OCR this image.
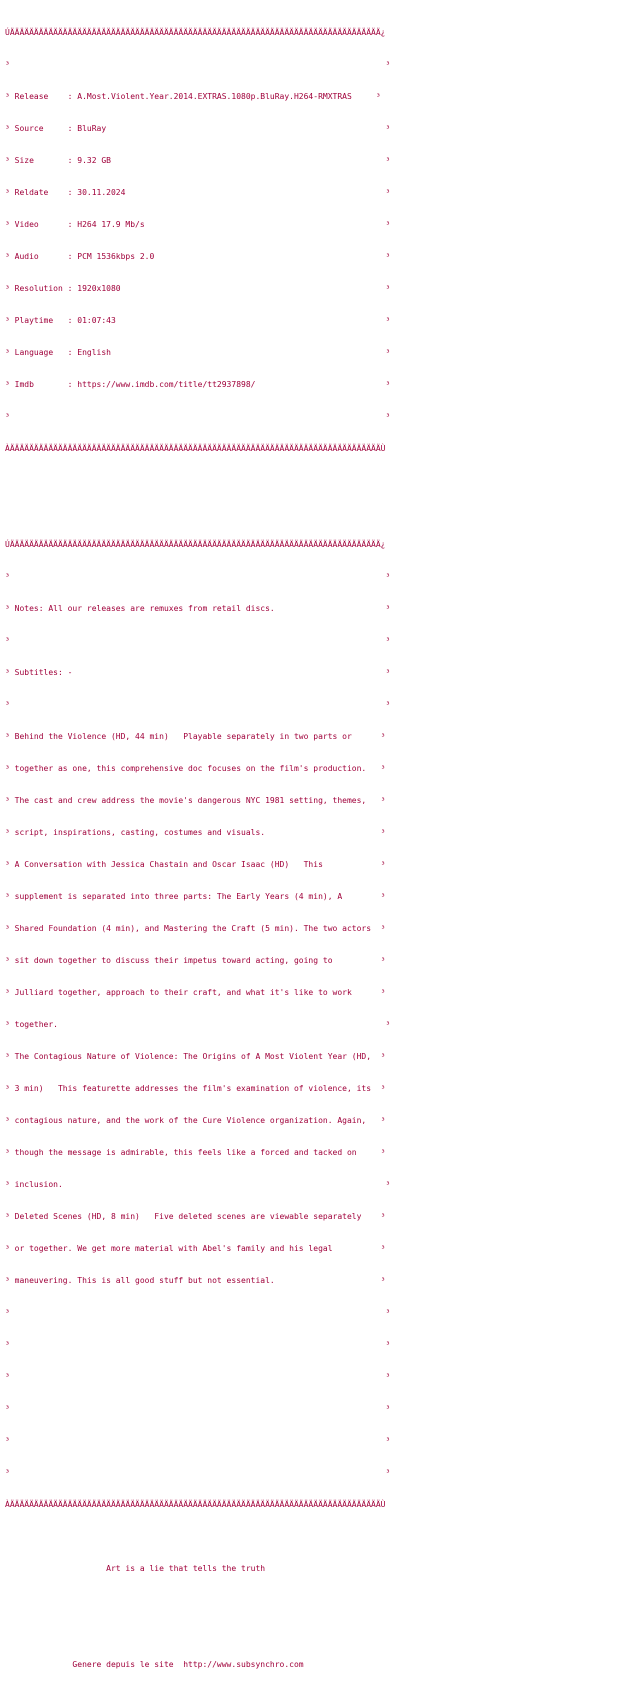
ÚÄÄÄÄÄÄÄÄÄÄÄÄÄÄÄÄÄÄÄÄÄÄÄÄÄÄÄÄÄÄÄÄÄÄÄÄÄÄÄÄÄÄÄÄÄÄÄÄÄÄÄÄÄÄÄÄÄÄÄÄÄÄÄÄÄÄÄÄÄÄÄÄÄÄÄÄÄ¿

³                                                                              ³

³ Release    : A.Most.Violent.Year.2014.EXTRAS.1080p.BluRay.H264-RMXTRAS     ³

³ Source     : BluRay                                                          ³

³ Size       : 9.32 GB                                                         ³

³ Reldate    : 30.11.2024                                                      ³

³ Video      : H264 17.9 Mb/s                                                  ³

³ Audio      : PCM 1536kbps 2.0                                                ³

³ Resolution : 1920x1080                                                       ³

³ Playtime   : 01:07:43                                                        ³

³ Language   : English                                                         ³

³ Imdb       : https://www.imdb.com/title/tt2937898/                           ³

³                                                                              ³

ÀÄÄÄÄÄÄÄÄÄÄÄÄÄÄÄÄÄÄÄÄÄÄÄÄÄÄÄÄÄÄÄÄÄÄÄÄÄÄÄÄÄÄÄÄÄÄÄÄÄÄÄÄÄÄÄÄÄÄÄÄÄÄÄÄÄÄÄÄÄÄÄÄÄÄÄÄÄÙ

ÚÄÄÄÄÄÄÄÄÄÄÄÄÄÄÄÄÄÄÄÄÄÄÄÄÄÄÄÄÄÄÄÄÄÄÄÄÄÄÄÄÄÄÄÄÄÄÄÄÄÄÄÄÄÄÄÄÄÄÄÄÄÄÄÄÄÄÄÄÄÄÄÄÄÄÄÄÄ¿

³                                                                              ³

³ Notes: All our releases are remuxes from retail discs.                       ³

³                                                                              ³

³ Subtitles: -                                                                 ³

³                                                                              ³

³ Behind the Violence (HD, 44 min)   Playable separately in two parts or      ³

³ together as one, this comprehensive doc focuses on the film's production.   ³

³ The cast and crew address the movie's dangerous NYC 1981 setting, themes,   ³

³ script, inspirations, casting, costumes and visuals.                        ³

³ A Conversation with Jessica Chastain and Oscar Isaac (HD)   This            ³

³ supplement is separated into three parts: The Early Years (4 min), A        ³

³ Shared Foundation (4 min), and Mastering the Craft (5 min). The two actors  ³

³ sit down together to discuss their impetus toward acting, going to          ³

³ Julliard together, approach to their craft, and what it's like to work      ³

³ together.                                                                    ³

³ The Contagious Nature of Violence: The Origins of A Most Violent Year (HD,  ³

³ 3 min)   This featurette addresses the film's examination of violence, its  ³

³ contagious nature, and the work of the Cure Violence organization. Again,   ³

³ though the message is admirable, this feels like a forced and tacked on     ³

³ inclusion.                                                                   ³

³ Deleted Scenes (HD, 8 min)   Five deleted scenes are viewable separately    ³

³ or together. We get more material with Abel's family and his legal          ³

³ maneuvering. This is all good stuff but not essential.                      ³

³                                                                              ³

³                                                                              ³

³                                                                              ³

³                                                                              ³

³                                                                              ³

³                                                                              ³

ÀÄÄÄÄÄÄÄÄÄÄÄÄÄÄÄÄÄÄÄÄÄÄÄÄÄÄÄÄÄÄÄÄÄÄÄÄÄÄÄÄÄÄÄÄÄÄÄÄÄÄÄÄÄÄÄÄÄÄÄÄÄÄÄÄÄÄÄÄÄÄÄÄÄÄÄÄÄÙ

Art is a lie that tells the truth

Genere depuis le site  http://www.subsynchro.com
